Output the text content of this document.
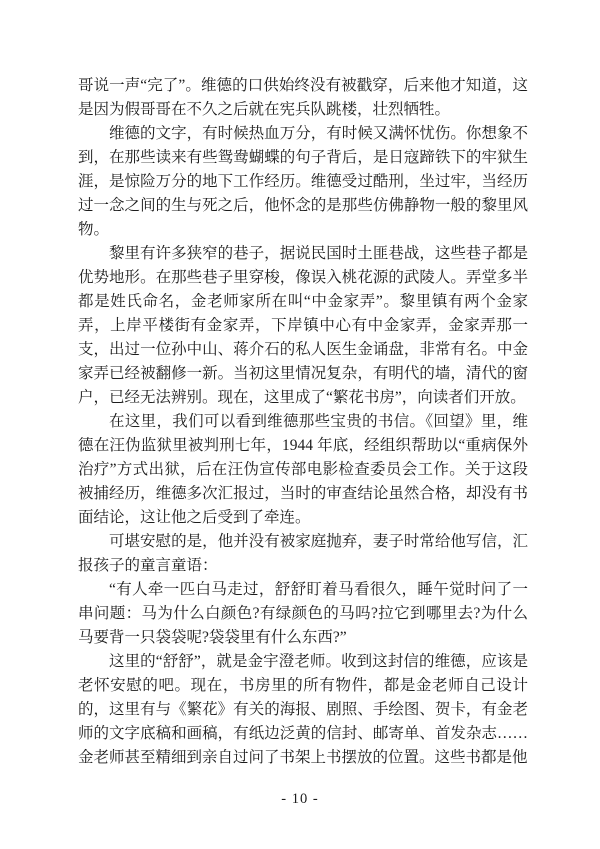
哥说一声“完了”。维德的口供始终没有被戳穿，后来他才知道，这是因为假哥哥在不久之后就在宪兵队跳楼，壮烈牺牲。

维德的文字，有时候热血万分，有时候又满怀忧伤。你想象不到，在那些读来有些鸳鸯蝴蝶的句子背后，是日寇蹄铁下的牢狱生涯，是惊险万分的地下工作经历。维德受过酷刑，坐过牢，当经历过一念之间的生与死之后，他怀念的是那些仿佛静物一般的黎里风物。

黎里有许多狭窄的巷子，据说民国时土匪巷战，这些巷子都是优势地形。在那些巷子里穿梭，像误入桃花源的武陵人。弄堂多半都是姓氏命名，金老师家所在叫“中金家弄”。黎里镇有两个金家弄，上岸平楼街有金家弄，下岸镇中心有中金家弄，金家弄那一支，出过一位孙中山、蒋介石的私人医生金诵盘，非常有名。中金家弄已经被翻修一新。当初这里情况复杂，有明代的墙，清代的窗户，已经无法辨别。现在，这里成了“繁花书房”，向读者们开放。

在这里，我们可以看到维德那些宝贵的书信。《回望》里，维德在汪伪监狱里被判刑七年，1944 年底，经组织帮助以“重病保外治疗”方式出狱，后在汪伪宣传部电影检查委员会工作。关于这段被捕经历，维德多次汇报过，当时的审查结论虽然合格，却没有书面结论，这让他之后受到了牵连。

可堪安慰的是，他并没有被家庭抛弃，妻子时常给他写信，汇报孩子的童言童语：

“有人牵一匹白马走过，舒舒盯着马看很久，睡午觉时问了一串问题：马为什么白颜色?有绿颜色的马吗?拉它到哪里去?为什么马要背一只袋袋呢?袋袋里有什么东西?”

这里的“舒舒”，就是金宇澄老师。收到这封信的维德，应该是老怀安慰的吧。现在，书房里的所有物件，都是金老师自己设计的，这里有与《繁花》有关的海报、剧照、手绘图、贺卡，有金老师的文字底稿和画稿，有纸边泛黄的信封、邮寄单、首发杂志……金老师甚至精细到亲自过问了书架上书摆放的位置。这些书都是他

- 10 -
